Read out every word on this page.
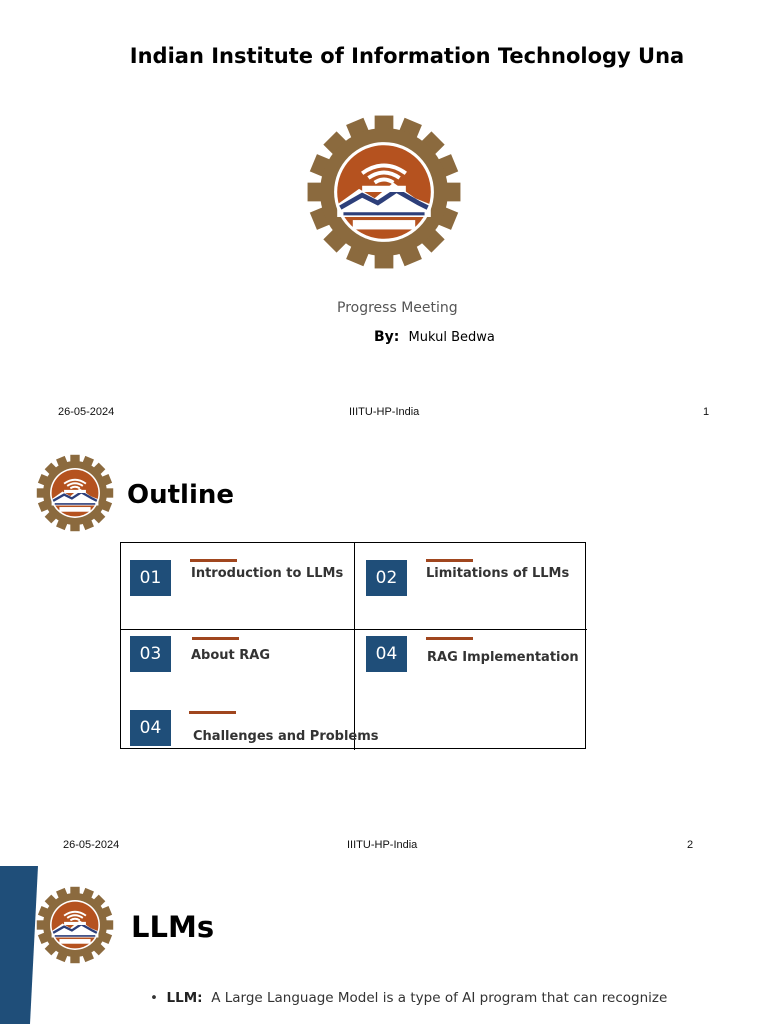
Indian Institute of Information Technology Una
Progress Meeting
By: Mukul Bedwa
26-05-2024	IIITU-HP-India	1
Outline
01	Introduction to LLMs	02	Limitations of LLMs
03	About RAG	04	RAG Implementation
04	Challenges and Problems
26-05-2024	IIITU-HP-India	2
LLMs
•  LLM: A Large Language Model is a type of AI program that can recognize
